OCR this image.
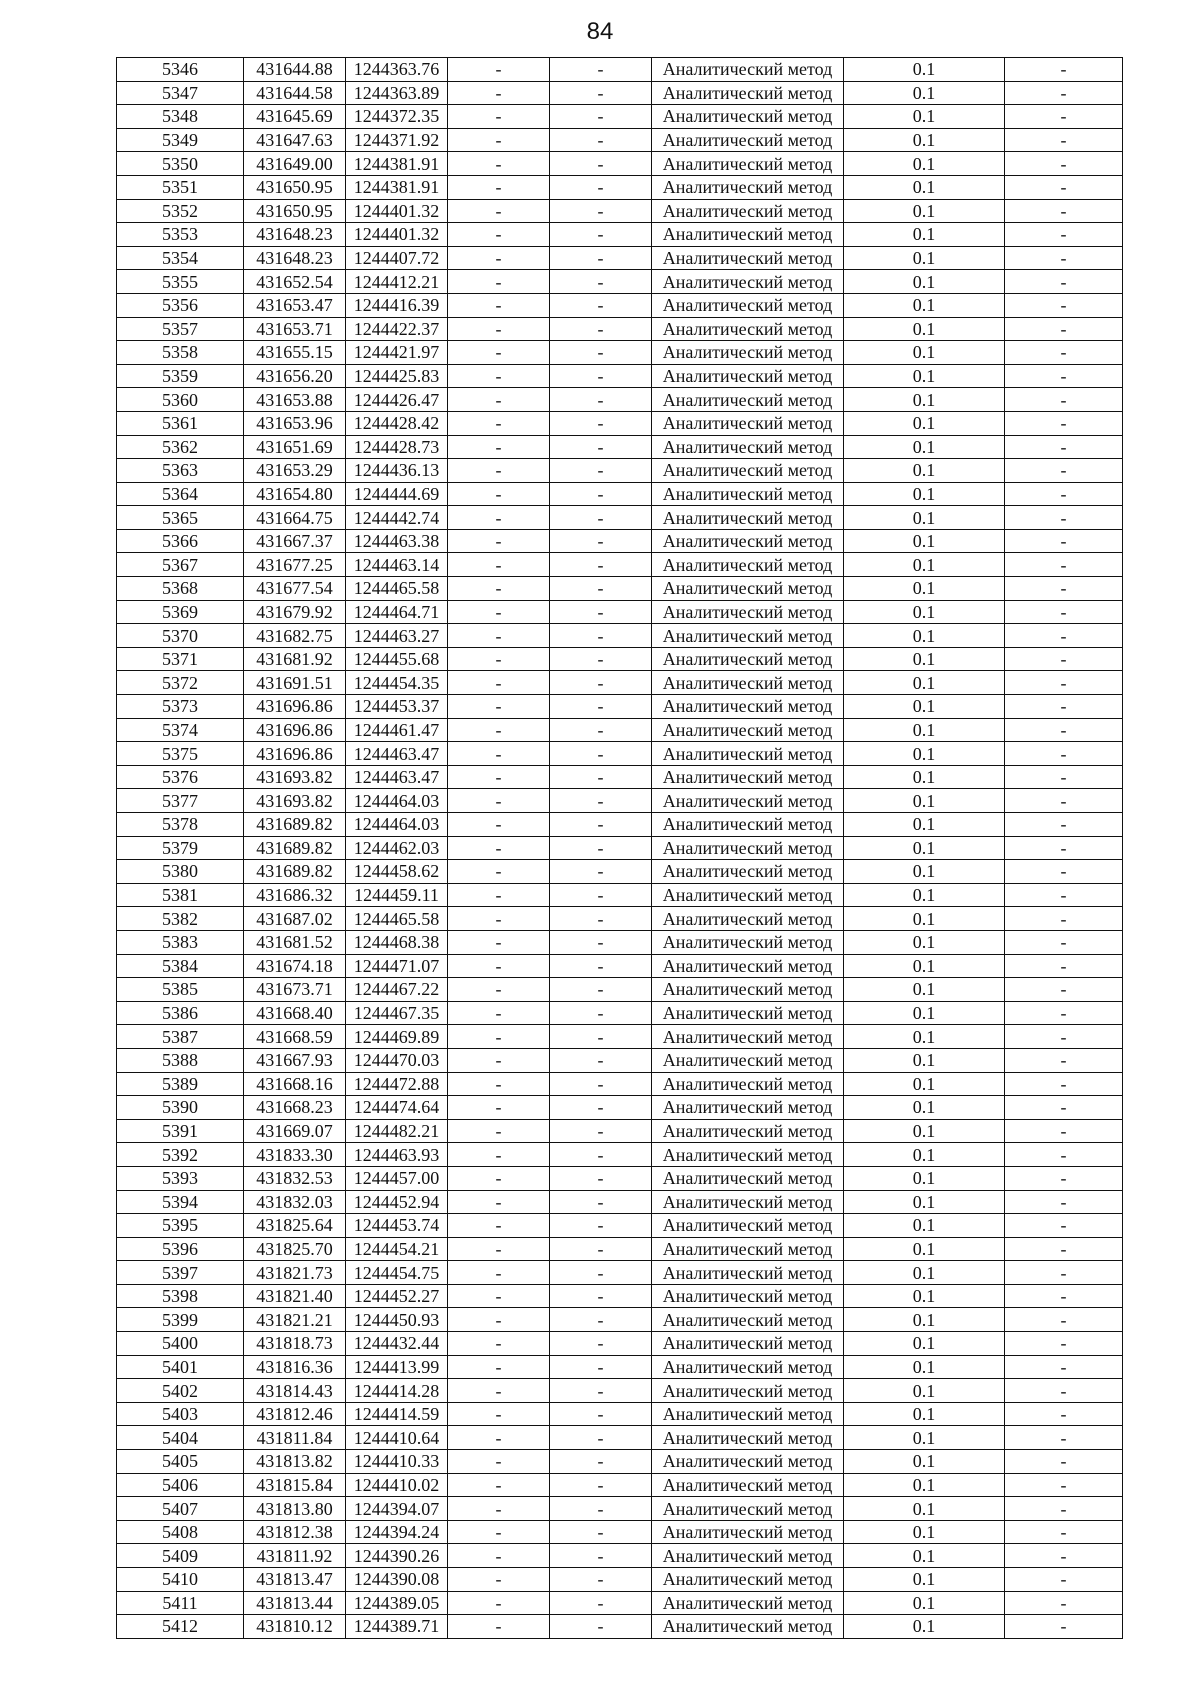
84
5346	431644.88	1244363.76	-	-	Аналитический метод	0.1	-
5347	431644.58	1244363.89	-	-	Аналитический метод	0.1	-
5348	431645.69	1244372.35	-	-	Аналитический метод	0.1	-
5349	431647.63	1244371.92	-	-	Аналитический метод	0.1	-
5350	431649.00	1244381.91	-	-	Аналитический метод	0.1	-
5351	431650.95	1244381.91	-	-	Аналитический метод	0.1	-
5352	431650.95	1244401.32	-	-	Аналитический метод	0.1	-
5353	431648.23	1244401.32	-	-	Аналитический метод	0.1	-
5354	431648.23	1244407.72	-	-	Аналитический метод	0.1	-
5355	431652.54	1244412.21	-	-	Аналитический метод	0.1	-
5356	431653.47	1244416.39	-	-	Аналитический метод	0.1	-
5357	431653.71	1244422.37	-	-	Аналитический метод	0.1	-
5358	431655.15	1244421.97	-	-	Аналитический метод	0.1	-
5359	431656.20	1244425.83	-	-	Аналитический метод	0.1	-
5360	431653.88	1244426.47	-	-	Аналитический метод	0.1	-
5361	431653.96	1244428.42	-	-	Аналитический метод	0.1	-
5362	431651.69	1244428.73	-	-	Аналитический метод	0.1	-
5363	431653.29	1244436.13	-	-	Аналитический метод	0.1	-
5364	431654.80	1244444.69	-	-	Аналитический метод	0.1	-
5365	431664.75	1244442.74	-	-	Аналитический метод	0.1	-
5366	431667.37	1244463.38	-	-	Аналитический метод	0.1	-
5367	431677.25	1244463.14	-	-	Аналитический метод	0.1	-
5368	431677.54	1244465.58	-	-	Аналитический метод	0.1	-
5369	431679.92	1244464.71	-	-	Аналитический метод	0.1	-
5370	431682.75	1244463.27	-	-	Аналитический метод	0.1	-
5371	431681.92	1244455.68	-	-	Аналитический метод	0.1	-
5372	431691.51	1244454.35	-	-	Аналитический метод	0.1	-
5373	431696.86	1244453.37	-	-	Аналитический метод	0.1	-
5374	431696.86	1244461.47	-	-	Аналитический метод	0.1	-
5375	431696.86	1244463.47	-	-	Аналитический метод	0.1	-
5376	431693.82	1244463.47	-	-	Аналитический метод	0.1	-
5377	431693.82	1244464.03	-	-	Аналитический метод	0.1	-
5378	431689.82	1244464.03	-	-	Аналитический метод	0.1	-
5379	431689.82	1244462.03	-	-	Аналитический метод	0.1	-
5380	431689.82	1244458.62	-	-	Аналитический метод	0.1	-
5381	431686.32	1244459.11	-	-	Аналитический метод	0.1	-
5382	431687.02	1244465.58	-	-	Аналитический метод	0.1	-
5383	431681.52	1244468.38	-	-	Аналитический метод	0.1	-
5384	431674.18	1244471.07	-	-	Аналитический метод	0.1	-
5385	431673.71	1244467.22	-	-	Аналитический метод	0.1	-
5386	431668.40	1244467.35	-	-	Аналитический метод	0.1	-
5387	431668.59	1244469.89	-	-	Аналитический метод	0.1	-
5388	431667.93	1244470.03	-	-	Аналитический метод	0.1	-
5389	431668.16	1244472.88	-	-	Аналитический метод	0.1	-
5390	431668.23	1244474.64	-	-	Аналитический метод	0.1	-
5391	431669.07	1244482.21	-	-	Аналитический метод	0.1	-
5392	431833.30	1244463.93	-	-	Аналитический метод	0.1	-
5393	431832.53	1244457.00	-	-	Аналитический метод	0.1	-
5394	431832.03	1244452.94	-	-	Аналитический метод	0.1	-
5395	431825.64	1244453.74	-	-	Аналитический метод	0.1	-
5396	431825.70	1244454.21	-	-	Аналитический метод	0.1	-
5397	431821.73	1244454.75	-	-	Аналитический метод	0.1	-
5398	431821.40	1244452.27	-	-	Аналитический метод	0.1	-
5399	431821.21	1244450.93	-	-	Аналитический метод	0.1	-
5400	431818.73	1244432.44	-	-	Аналитический метод	0.1	-
5401	431816.36	1244413.99	-	-	Аналитический метод	0.1	-
5402	431814.43	1244414.28	-	-	Аналитический метод	0.1	-
5403	431812.46	1244414.59	-	-	Аналитический метод	0.1	-
5404	431811.84	1244410.64	-	-	Аналитический метод	0.1	-
5405	431813.82	1244410.33	-	-	Аналитический метод	0.1	-
5406	431815.84	1244410.02	-	-	Аналитический метод	0.1	-
5407	431813.80	1244394.07	-	-	Аналитический метод	0.1	-
5408	431812.38	1244394.24	-	-	Аналитический метод	0.1	-
5409	431811.92	1244390.26	-	-	Аналитический метод	0.1	-
5410	431813.47	1244390.08	-	-	Аналитический метод	0.1	-
5411	431813.44	1244389.05	-	-	Аналитический метод	0.1	-
5412	431810.12	1244389.71	-	-	Аналитический метод	0.1	-
